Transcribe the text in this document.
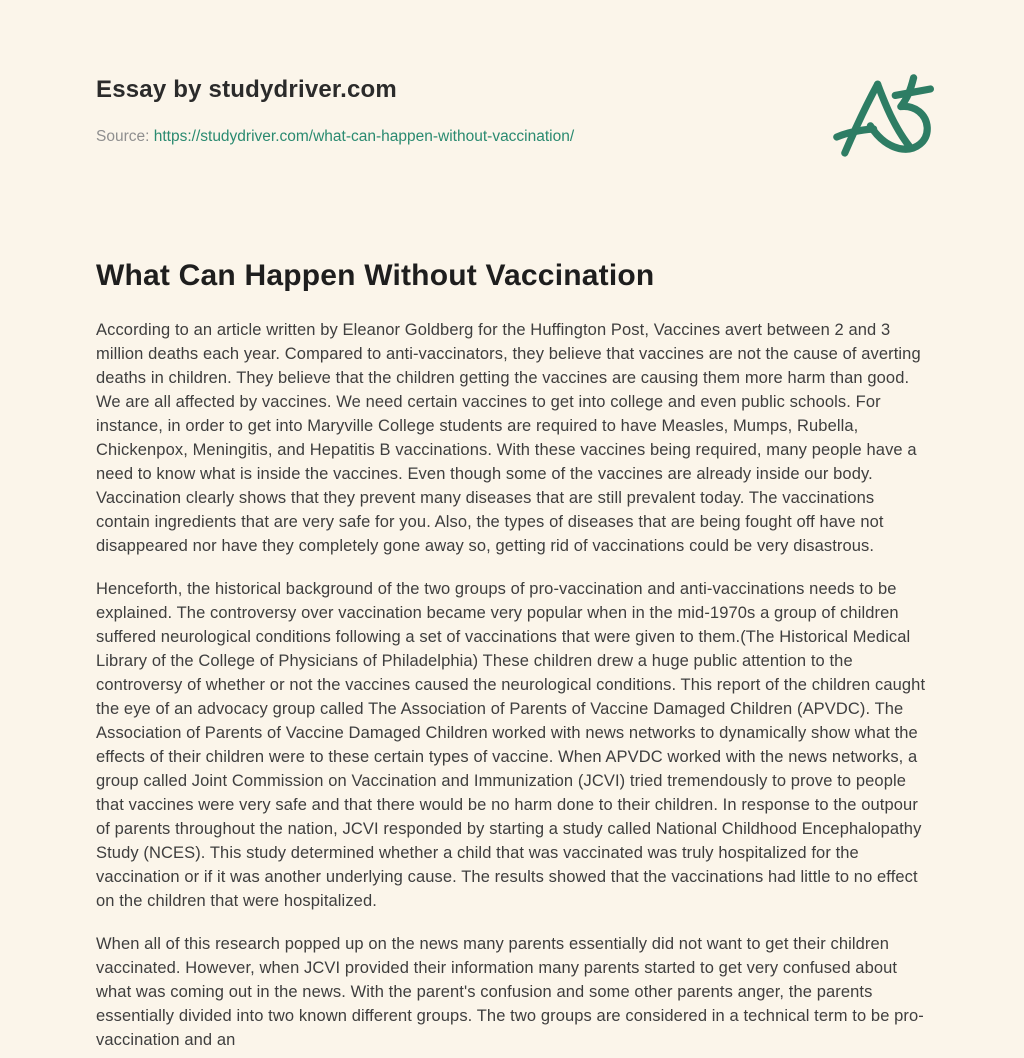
Essay by studydriver.com
Source: https://studydriver.com/what-can-happen-without-vaccination/
What Can Happen Without Vaccination

According to an article written by Eleanor Goldberg for the Huffington Post, Vaccines avert between 2 and 3 million deaths each year. Compared to anti-vaccinators, they believe that vaccines are not the cause of averting deaths in children. They believe that the children getting the vaccines are causing them more harm than good. We are all affected by vaccines. We need certain vaccines to get into college and even public schools. For instance, in order to get into Maryville College students are required to have Measles, Mumps, Rubella, Chickenpox, Meningitis, and Hepatitis B vaccinations. With these vaccines being required, many people have a need to know what is inside the vaccines. Even though some of the vaccines are already inside our body. Vaccination clearly shows that they prevent many diseases that are still prevalent today. The vaccinations contain ingredients that are very safe for you. Also, the types of diseases that are being fought off have not disappeared nor have they completely gone away so, getting rid of vaccinations could be very disastrous.

Henceforth, the historical background of the two groups of pro-vaccination and anti-vaccinations needs to be explained. The controversy over vaccination became very popular when in the mid-1970s a group of children suffered neurological conditions following a set of vaccinations that were given to them.(The Historical Medical Library of the College of Physicians of Philadelphia) These children drew a huge public attention to the controversy of whether or not the vaccines caused the neurological conditions. This report of the children caught the eye of an advocacy group called The Association of Parents of Vaccine Damaged Children (APVDC). The Association of Parents of Vaccine Damaged Children worked with news networks to dynamically show what the effects of their children were to these certain types of vaccine. When APVDC worked with the news networks, a group called Joint Commission on Vaccination and Immunization (JCVI) tried tremendously to prove to people that vaccines were very safe and that there would be no harm done to their children. In response to the outpour of parents throughout the nation, JCVI responded by starting a study called National Childhood Encephalopathy Study (NCES). This study determined whether a child that was vaccinated was truly hospitalized for the vaccination or if it was another underlying cause. The results showed that the vaccinations had little to no effect on the children that were hospitalized.

When all of this research popped up on the news many parents essentially did not want to get their children vaccinated. However, when JCVI provided their information many parents started to get very confused about what was coming out in the news. With the parent's confusion and some other parents anger, the parents essentially divided into two known different groups. The two groups are considered in a technical term to be pro-vaccination and an
